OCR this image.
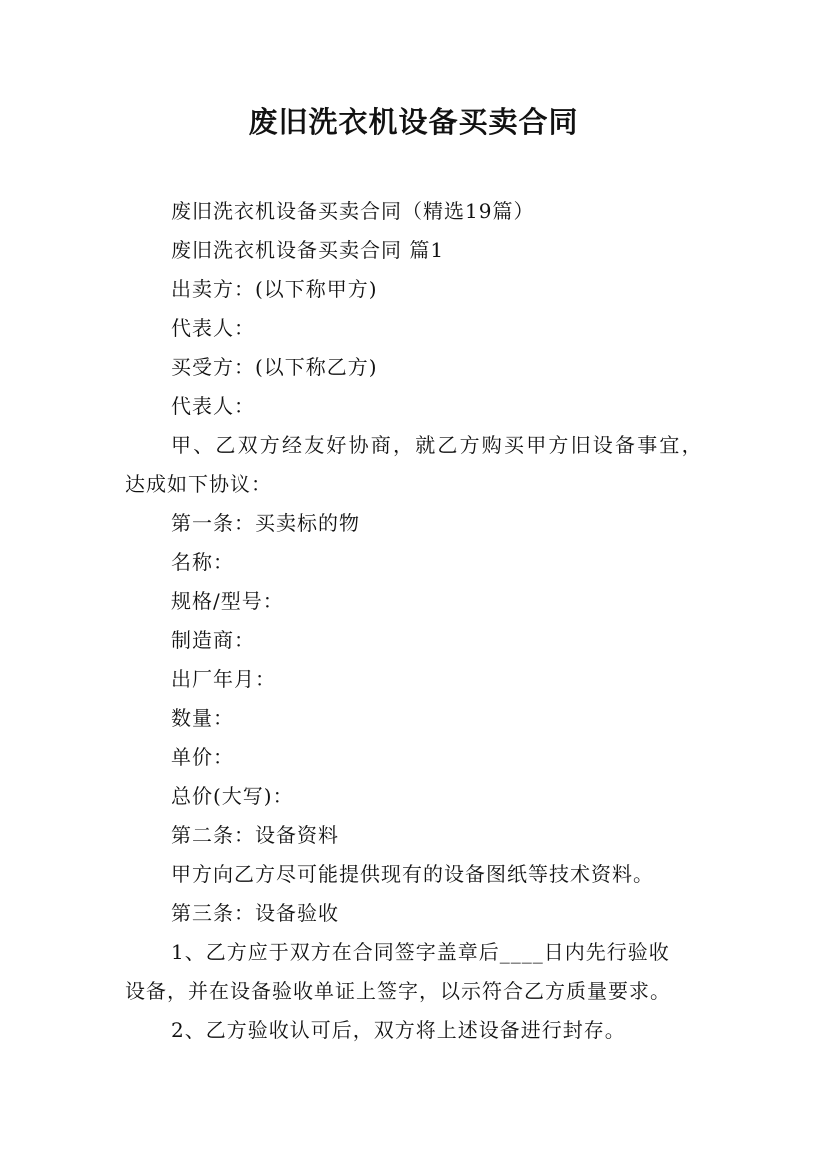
废旧洗衣机设备买卖合同
废旧洗衣机设备买卖合同（精选19篇）
废旧洗衣机设备买卖合同 篇1
出卖方：(以下称甲方)
代表人：
买受方：(以下称乙方)
代表人：
甲、乙双方经友好协商，就乙方购买甲方旧设备事宜，
达成如下协议：
第一条：买卖标的物
名称：
规格/型号：
制造商：
出厂年月：
数量：
单价：
总价(大写)：
第二条：设备资料
甲方向乙方尽可能提供现有的设备图纸等技术资料。
第三条：设备验收
1、乙方应于双方在合同签字盖章后____日内先行验收
设备，并在设备验收单证上签字，以示符合乙方质量要求。
2、乙方验收认可后，双方将上述设备进行封存。
